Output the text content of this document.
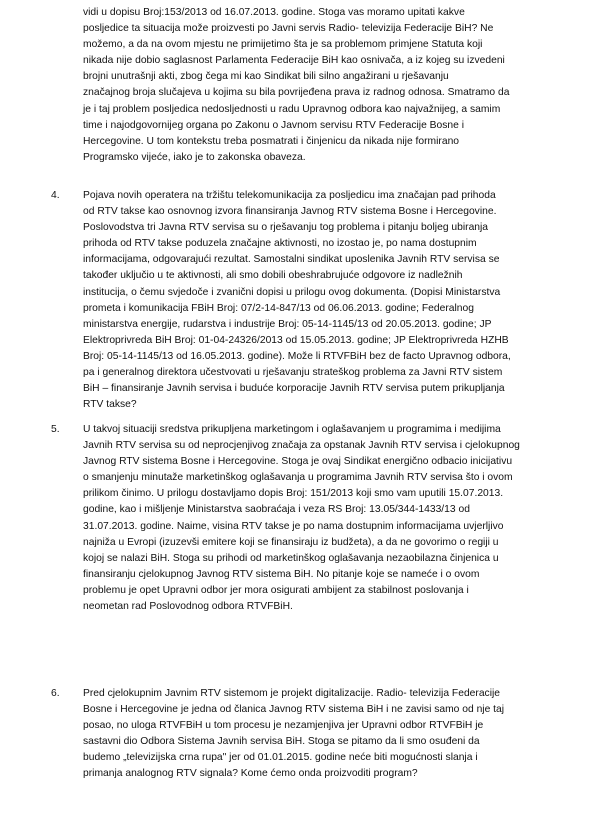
vidi u dopisu Broj:153/2013 od 16.07.2013. godine. Stoga vas moramo upitati kakve
posljedice ta situacija može proizvesti po Javni servis Radio- televizija Federacije BiH? Ne
možemo, a da na ovom mjestu ne primijetimo šta je sa problemom primjene Statuta koji
nikada nije dobio saglasnost Parlamenta Federacije BiH kao osnivača, a iz kojeg su izvedeni
brojni unutrašnji akti, zbog čega mi kao Sindikat bili silno angažirani u rješavanju
značajnog broja slučajeva u kojima su bila povrijeđena prava iz radnog odnosa. Smatramo da
je i taj problem posljedica nedosljednosti u radu Upravnog odbora kao najvažnijeg, a samim
time i najodgovornijeg organa po Zakonu o Javnom servisu RTV Federacije Bosne i
Hercegovine. U tom kontekstu treba posmatrati i činjenicu da nikada nije formirano
Programsko vijeće, iako je to zakonska obaveza.
4. Pojava novih operatera na tržištu telekomunikacija za posljedicu ima značajan pad prihoda
od RTV takse kao osnovnog izvora finansiranja Javnog RTV sistema Bosne i Hercegovine.
Poslovodstva tri Javna RTV servisa su o rješavanju tog problema i pitanju boljeg ubiranja
prihoda od RTV takse poduzela značajne aktivnosti, no izostao je, po nama dostupnim
informacijama, odgovarajući rezultat. Samostalni sindikat uposlenika Javnih RTV servisa se
također uključio u te aktivnosti, ali smo dobili obeshrabrujuće odgovore iz nadležnih
institucija, o čemu svjedoče i zvanični dopisi u prilogu ovog dokumenta. (Dopisi Ministarstva
prometa i komunikacija FBiH Broj: 07/2-14-847/13 od 06.06.2013. godine; Federalnog
ministarstva energije, rudarstva i industrije Broj: 05-14-1145/13 od 20.05.2013. godine; JP
Elektroprivreda BiH Broj: 01-04-24326/2013 od 15.05.2013. godine; JP Elektroprivreda HZHB
Broj: 05-14-1145/13 od 16.05.2013. godine). Može li RTVFBiH bez de facto Upravnog odbora,
pa i generalnog direktora učestvovati u rješavanju strateškog problema za Javni RTV sistem
BiH – finansiranje Javnih servisa i buduće korporacije Javnih RTV servisa putem prikupljanja
RTV takse?
5. U takvoj situaciji sredstva prikupljena marketingom i oglašavanjem u programima i medijima
Javnih RTV servisa su od neprocjenjivog značaja za opstanak Javnih RTV servisa i cjelokupnog
Javnog RTV sistema Bosne i Hercegovine. Stoga je ovaj Sindikat energično odbacio inicijativu
o smanjenju minutaže marketinškog oglašavanja u programima Javnih RTV servisa što i ovom
prilikom činimo. U prilogu dostavljamo dopis Broj: 151/2013 koji smo vam uputili 15.07.2013.
godine, kao i mišljenje Ministarstva saobraćaja i veza RS Broj: 13.05/344-1433/13 od
31.07.2013. godine. Naime, visina RTV takse je po nama dostupnim informacijama uvjerljivo
najniža u Evropi (izuzevši emitere koji se finansiraju iz budžeta), a da ne govorimo o regiji u
kojoj se nalazi BiH. Stoga su prihodi od marketinškog oglašavanja nezaobilazna činjenica u
finansiranju cjelokupnog Javnog RTV sistema BiH. No pitanje koje se nameće i o ovom
problemu je opet Upravni odbor jer mora osigurati ambijent za stabilnost poslovanja i
neometan rad Poslovodnog odbora RTVFBiH.
6. Pred cjelokupnim Javnim RTV sistemom je projekt digitalizacije. Radio- televizija Federacije
Bosne i Hercegovine je jedna od članica Javnog RTV sistema BiH i ne zavisi samo od nje taj
posao, no uloga RTVFBiH u tom procesu je nezamjenjiva jer Upravni odbor RTVFBiH je
sastavni dio Odbora Sistema Javnih servisa BiH. Stoga se pitamo da li smo osuđeni da
budemo „televizijska crna rupa" jer od 01.01.2015. godine neće biti mogućnosti slanja i
primanja analognog RTV signala? Kome ćemo onda proizvoditi program?
